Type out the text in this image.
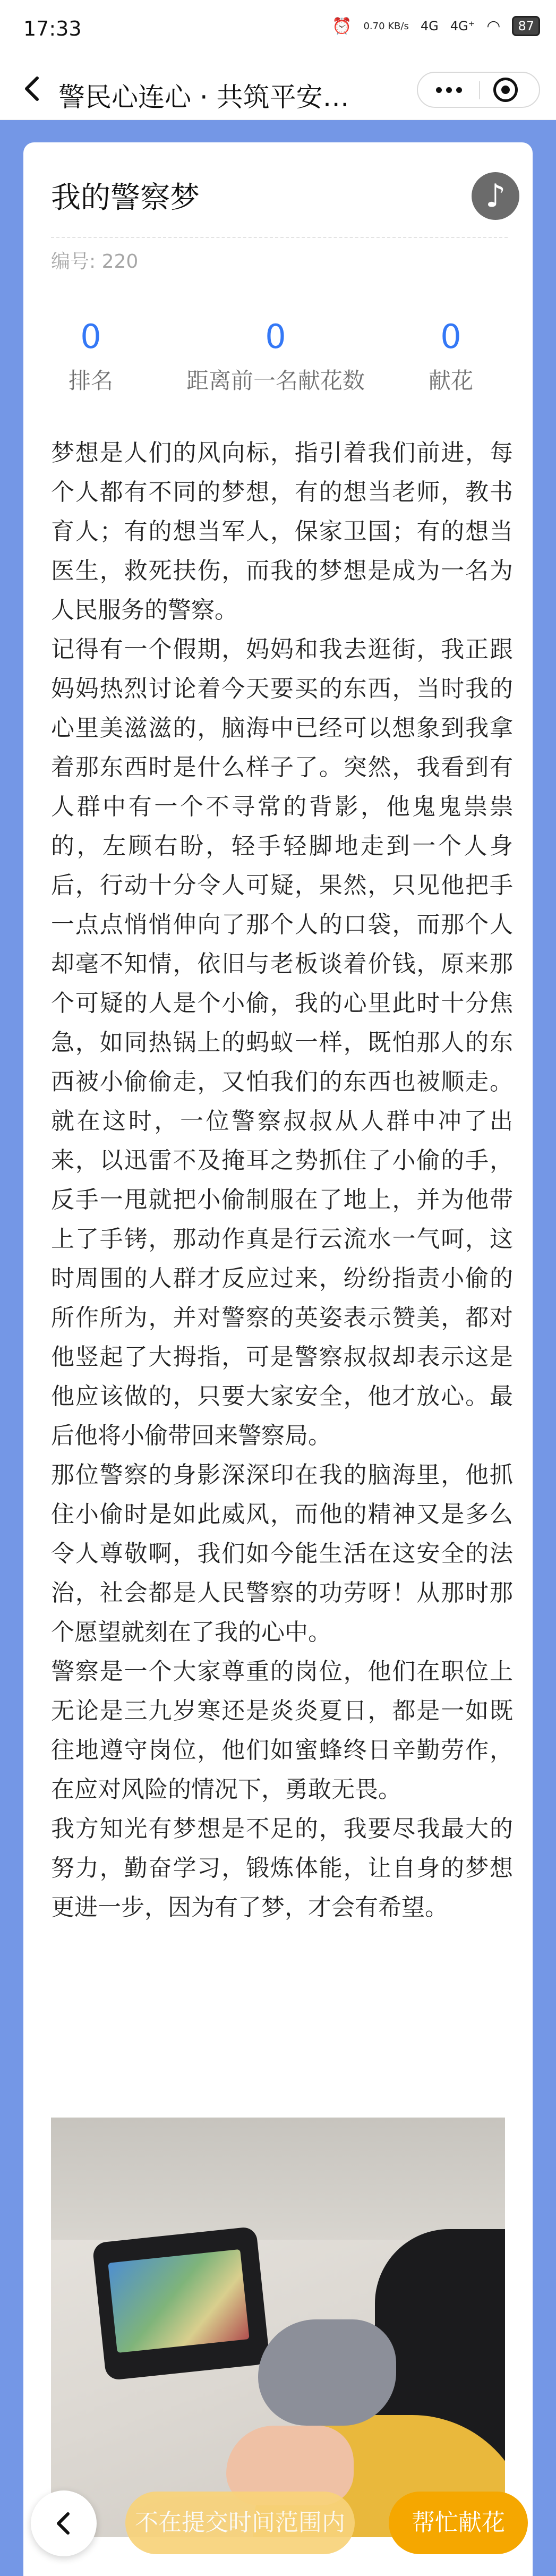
17:33	⏰ 0.70 KB/s 4G 4G⁺ ◠	87
警民心连心 · 共筑平安…
我的警察梦	♪
编号: 220
0
排名
0
距离前一名献花数
0
献花

梦想是人们的风向标，指引着我们前进，每个人都有不同的梦想，有的想当老师，教书育人；有的想当军人，保家卫国；有的想当医生，救死扶伤，而我的梦想是成为一名为人民服务的警察。

记得有一个假期，妈妈和我去逛街，我正跟妈妈热烈讨论着今天要买的东西，当时我的心里美滋滋的，脑海中已经可以想象到我拿着那东西时是什么样子了。突然，我看到有人群中有一个不寻常的背影，他鬼鬼祟祟的，左顾右盼，轻手轻脚地走到一个人身后，行动十分令人可疑，果然，只见他把手一点点悄悄伸向了那个人的口袋，而那个人却毫不知情，依旧与老板谈着价钱，原来那个可疑的人是个小偷，我的心里此时十分焦急，如同热锅上的蚂蚁一样，既怕那人的东西被小偷偷走，又怕我们的东西也被顺走。就在这时，一位警察叔叔从人群中冲了出来，以迅雷不及掩耳之势抓住了小偷的手，反手一甩就把小偷制服在了地上，并为他带上了手铐，那动作真是行云流水一气呵，这时周围的人群才反应过来，纷纷指责小偷的所作所为，并对警察的英姿表示赞美，都对他竖起了大拇指，可是警察叔叔却表示这是他应该做的，只要大家安全，他才放心。最后他将小偷带回来警察局。

那位警察的身影深深印在我的脑海里，他抓住小偷时是如此威风，而他的精神又是多么令人尊敬啊，我们如今能生活在这安全的法治，社会都是人民警察的功劳呀！从那时那个愿望就刻在了我的心中。

警察是一个大家尊重的岗位，他们在职位上无论是三九岁寒还是炎炎夏日，都是一如既往地遵守岗位，他们如蜜蜂终日辛勤劳作，在应对风险的情况下，勇敢无畏。

我方知光有梦想是不足的，我要尽我最大的努力，勤奋学习，锻炼体能，让自身的梦想更进一步，因为有了梦，才会有希望。

不在提交时间范围内	帮忙献花
